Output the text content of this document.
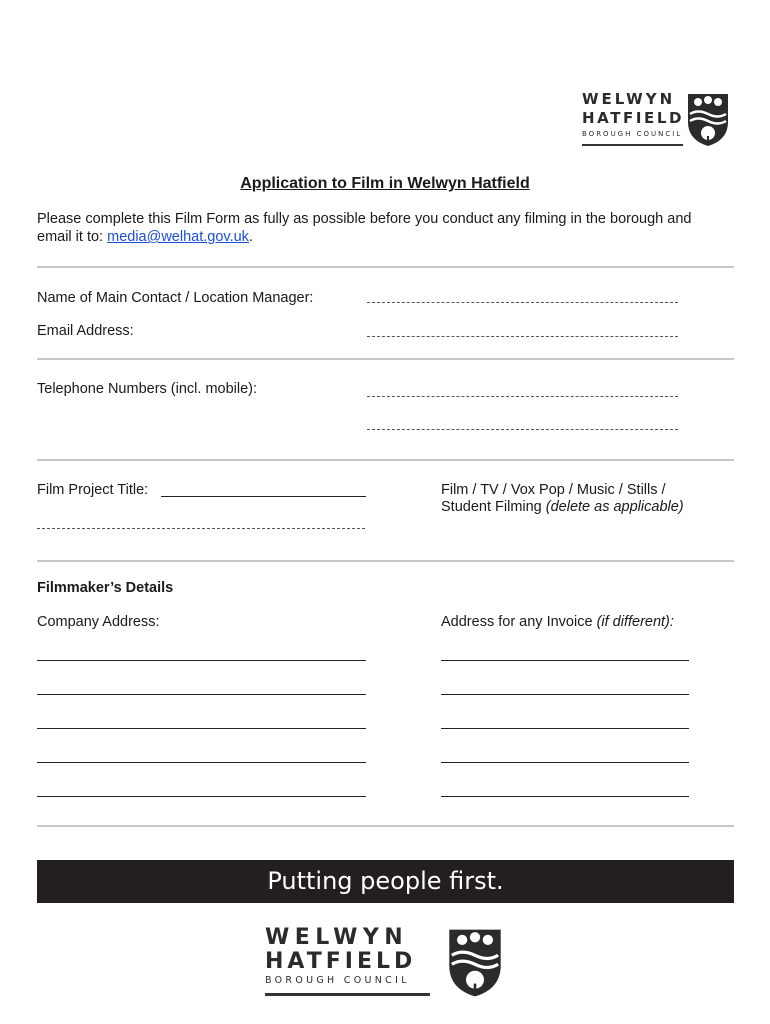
WELWYN
HATFIELD
BOROUGH COUNCIL
Application to Film in Welwyn Hatfield
Please complete this Film Form as fully as possible before you conduct any filming in the borough and email it to: media@welhat.gov.uk.
Name of Main Contact / Location Manager:
Email Address:
Telephone Numbers (incl. mobile):
Film Project Title:	Film / TV / Vox Pop / Music / Stills /
Student Filming (delete as applicable)
Filmmaker’s Details
Company Address:	Address for any Invoice (if different):
Putting people first.
WELWYN
HATFIELD
BOROUGH COUNCIL
